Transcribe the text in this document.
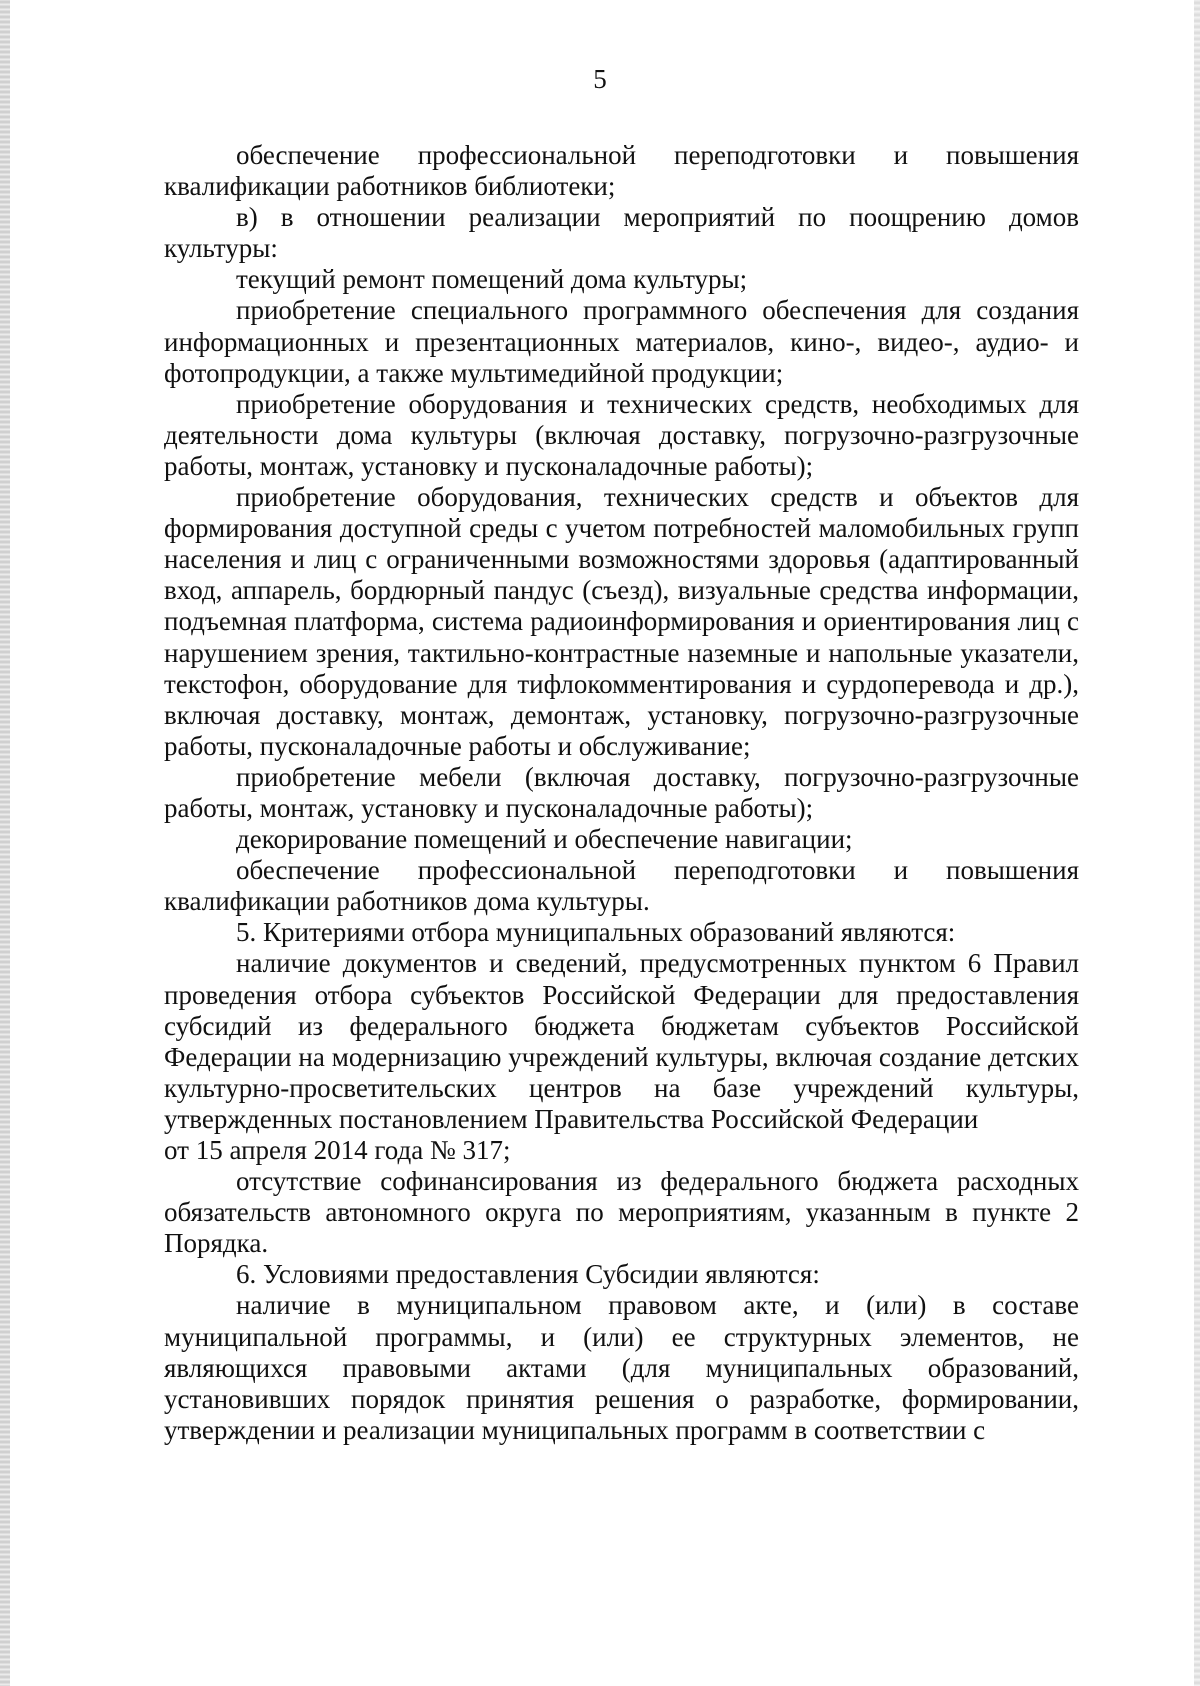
5

обеспечение профессиональной переподготовки и повышения квалификации работников библиотеки;

в) в отношении реализации мероприятий по поощрению домов культуры:

текущий ремонт помещений дома культуры;

приобретение специального программного обеспечения для создания информационных и презентационных материалов, кино-, видео-, аудио- и фотопродукции, а также мультимедийной продукции;

приобретение оборудования и технических средств, необходимых для деятельности дома культуры (включая доставку, погрузочно-разгрузочные работы, монтаж, установку и пусконаладочные работы);

приобретение оборудования, технических средств и объектов для формирования доступной среды с учетом потребностей маломобильных групп населения и лиц с ограниченными возможностями здоровья (адаптированный вход, аппарель, бордюрный пандус (съезд), визуальные средства информации, подъемная платформа, система радиоинформирования и ориентирования лиц с нарушением зрения, тактильно-контрастные наземные и напольные указатели, текстофон, оборудование для тифлокомментирования и сурдоперевода и др.), включая доставку, монтаж, демонтаж, установку, погрузочно-разгрузочные работы, пусконаладочные работы и обслуживание;

приобретение мебели (включая доставку, погрузочно-разгрузочные работы, монтаж, установку и пусконаладочные работы);

декорирование помещений и обеспечение навигации;

обеспечение профессиональной переподготовки и повышения квалификации работников дома культуры.

5. Критериями отбора муниципальных образований являются:

наличие документов и сведений, предусмотренных пунктом 6 Правил проведения отбора субъектов Российской Федерации для предоставления субсидий из федерального бюджета бюджетам субъектов Российской Федерации на модернизацию учреждений культуры, включая создание детских культурно-просветительских центров на базе учреждений культуры, утвержденных постановлением Правительства Российской Федерации

от 15 апреля 2014 года № 317;

отсутствие софинансирования из федерального бюджета расходных обязательств автономного округа по мероприятиям, указанным в пункте 2 Порядка.

6. Условиями предоставления Субсидии являются:

наличие в муниципальном правовом акте, и (или) в составе муниципальной программы, и (или) ее структурных элементов, не являющихся правовыми актами (для муниципальных образований, установивших порядок принятия решения о разработке, формировании, утверждении и реализации муниципальных программ в соответствии с
